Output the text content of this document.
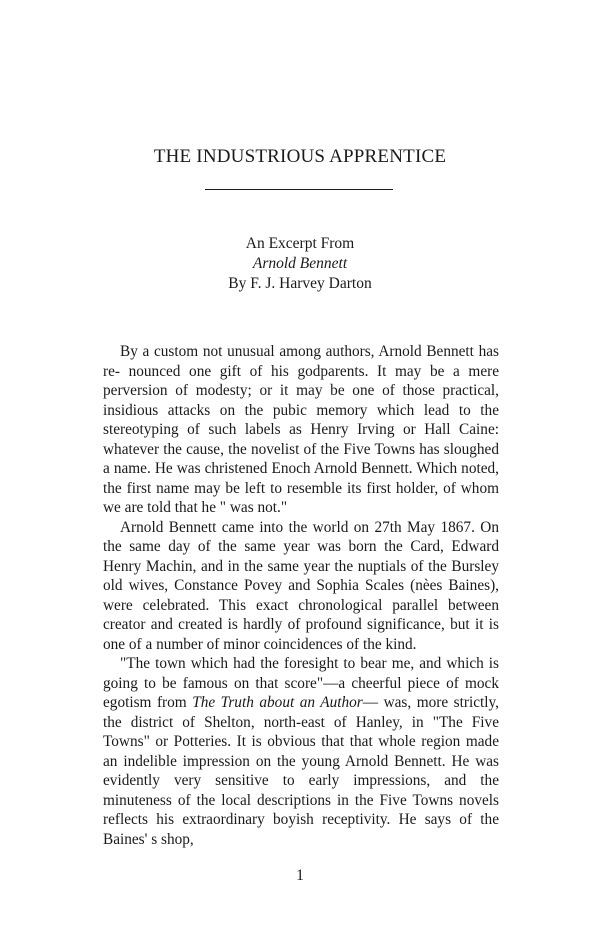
THE INDUSTRIOUS APPRENTICE
An Excerpt From
Arnold Bennett
By F. J. Harvey Darton

By a custom not unusual among authors, Arnold Bennett has re- nounced one gift of his godparents. It may be a mere perversion of modesty; or it may be one of those practical, insidious attacks on the pubic memory which lead to the stereotyping of such labels as Henry Irving or Hall Caine: whatever the cause, the novelist of the Five Towns has sloughed a name. He was christened Enoch Arnold Bennett. Which noted, the first name may be left to resemble its first holder, of whom we are told that he " was not."

Arnold Bennett came into the world on 27th May 1867. On the same day of the same year was born the Card, Edward Henry Machin, and in the same year the nuptials of the Bursley old wives, Constance Povey and Sophia Scales (nèes Baines), were celebrated. This exact chronological parallel between creator and created is hardly of profound significance, but it is one of a number of minor coincidences of the kind.

"The town which had the foresight to bear me, and which is going to be famous on that score"—a cheerful piece of mock egotism from The Truth about an Author— was, more strictly, the district of Shelton, north-east of Hanley, in "The Five Towns" or Potteries. It is obvious that that whole region made an indelible impression on the young Arnold Bennett. He was evidently very sensitive to early impressions, and the minuteness of the local descriptions in the Five Towns novels reflects his extraordinary boyish receptivity. He says of the Baines' s shop,

1
